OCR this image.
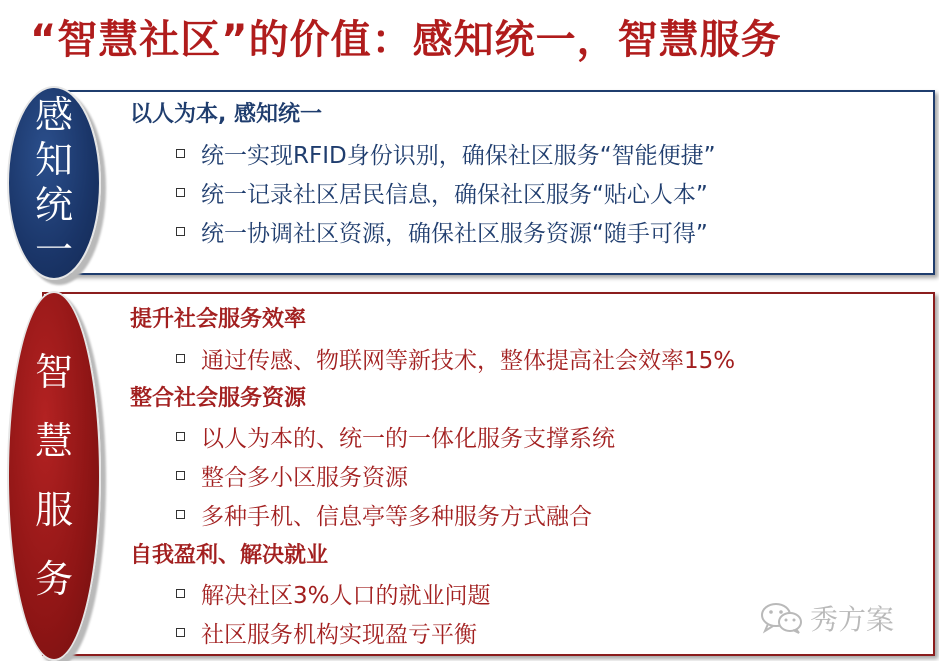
“智慧社区”的价值：感知统一，智慧服务
感
知
统
一
以人为本, 感知统一
统一实现RFID身份识别，确保社区服务“智能便捷”
统一记录社区居民信息，确保社区服务“贴心人本”
统一协调社区资源，确保社区服务资源“随手可得”
智
慧
服
务
提升社会服务效率
通过传感、物联网等新技术，整体提高社会效率15%
整合社会服务资源
以人为本的、统一的一体化服务支撑系统
整合多小区服务资源
多种手机、信息亭等多种服务方式融合
自我盈利、解决就业
解决社区3%人口的就业问题
社区服务机构实现盈亏平衡	秀方案
